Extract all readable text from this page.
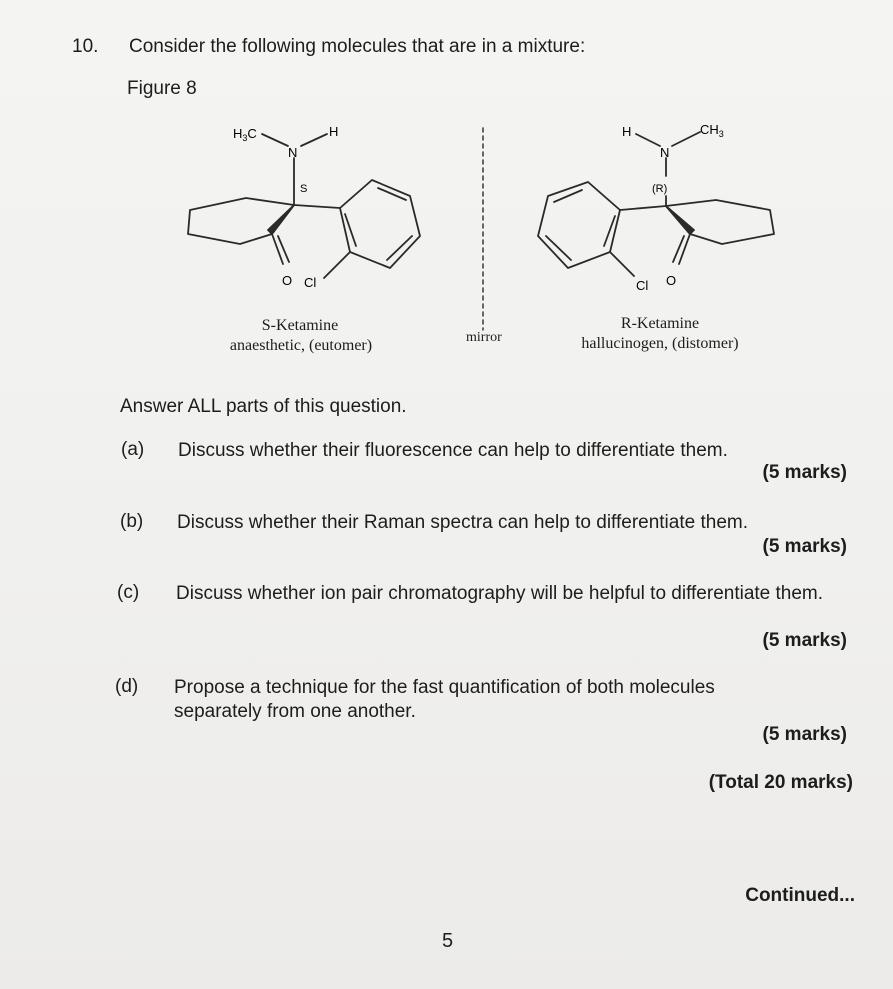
10. Consider the following molecules that are in a mixture:
Figure 8
$H_3C$	H
N
S
O Cl
H	$CH_3$
N
(R)
Cl O
S-Ketamine
anaesthetic, (eutomer)	mirror
R-Ketamine
hallucinogen, (distomer)
Answer ALL parts of this question.
(a) Discuss whether their fluorescence can help to differentiate them.
(5 marks)
(b) Discuss whether their Raman spectra can help to differentiate them.
(5 marks)
(c) Discuss whether ion pair chromatography will be helpful to differentiate them.
(5 marks)
(d) Propose a technique for the fast quantification of both molecules separately from one another.
(5 marks)
(Total 20 marks)
Continued...
5
